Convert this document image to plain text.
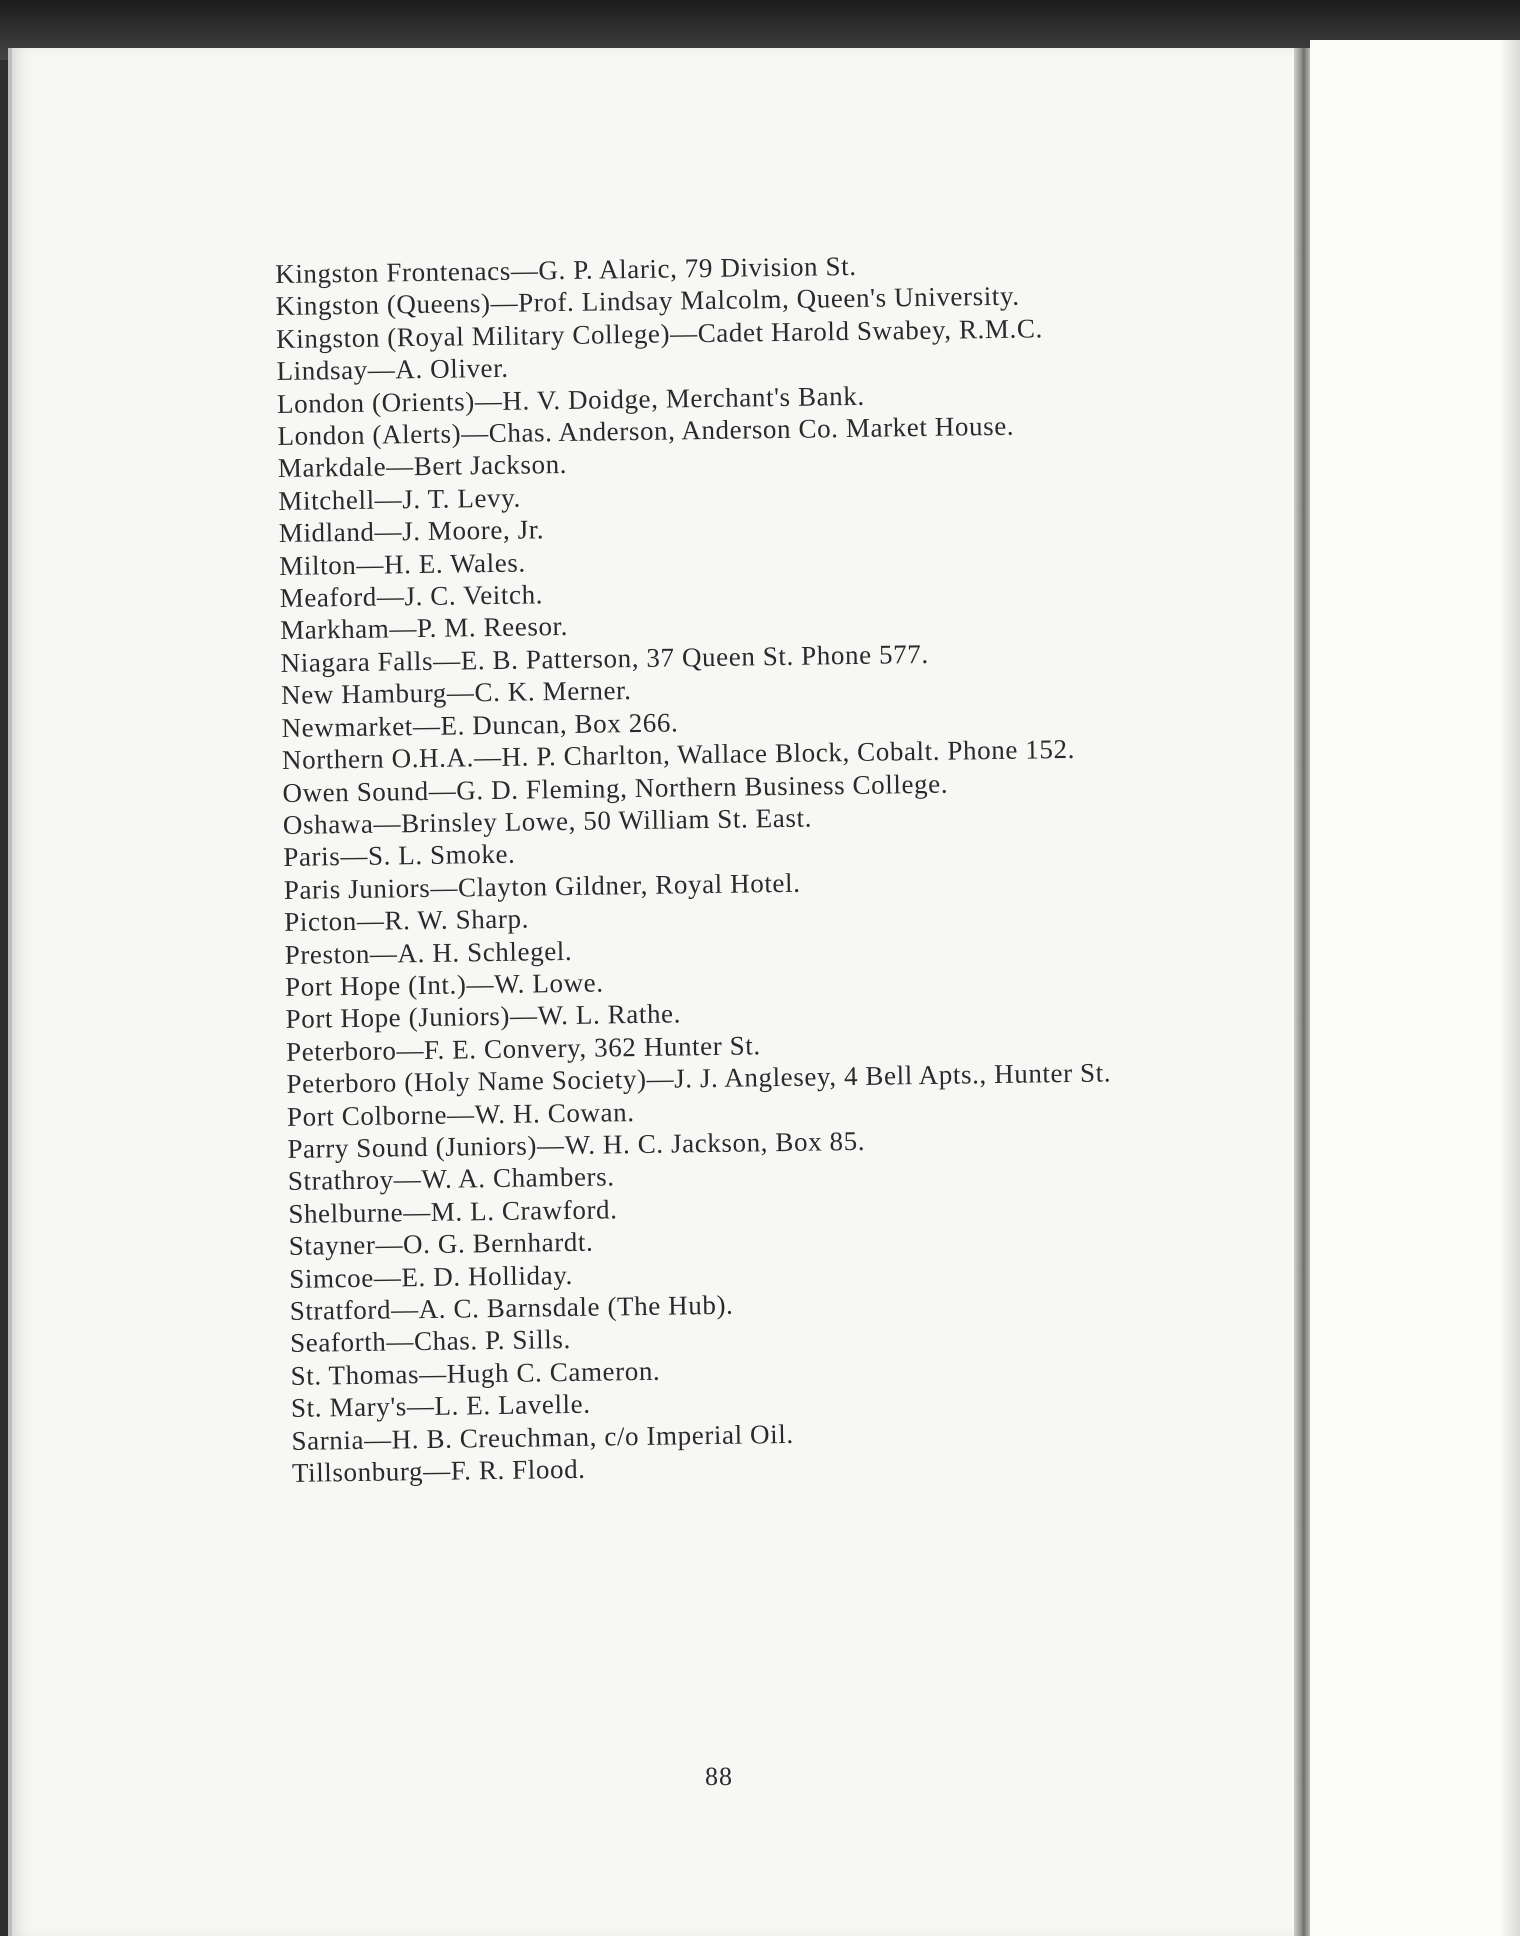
Kingston Frontenacs—G. P. Alaric, 79 Division St.
Kingston (Queens)—Prof. Lindsay Malcolm, Queen's University.
Kingston (Royal Military College)—Cadet Harold Swabey, R.M.C.
Lindsay—A. Oliver.
London (Orients)—H. V. Doidge, Merchant's Bank.
London (Alerts)—Chas. Anderson, Anderson Co. Market House.
Markdale—Bert Jackson.
Mitchell—J. T. Levy.
Midland—J. Moore, Jr.
Milton—H. E. Wales.
Meaford—J. C. Veitch.
Markham—P. M. Reesor.
Niagara Falls—E. B. Patterson, 37 Queen St. Phone 577.
New Hamburg—C. K. Merner.
Newmarket—E. Duncan, Box 266.
Northern O.H.A.—H. P. Charlton, Wallace Block, Cobalt. Phone 152.
Owen Sound—G. D. Fleming, Northern Business College.
Oshawa—Brinsley Lowe, 50 William St. East.
Paris—S. L. Smoke.
Paris Juniors—Clayton Gildner, Royal Hotel.
Picton—R. W. Sharp.
Preston—A. H. Schlegel.
Port Hope (Int.)—W. Lowe.
Port Hope (Juniors)—W. L. Rathe.
Peterboro—F. E. Convery, 362 Hunter St.
Peterboro (Holy Name Society)—J. J. Anglesey, 4 Bell Apts., Hunter St.
Port Colborne—W. H. Cowan.
Parry Sound (Juniors)—W. H. C. Jackson, Box 85.
Strathroy—W. A. Chambers.
Shelburne—M. L. Crawford.
Stayner—O. G. Bernhardt.
Simcoe—E. D. Holliday.
Stratford—A. C. Barnsdale (The Hub).
Seaforth—Chas. P. Sills.
St. Thomas—Hugh C. Cameron.
St. Mary's—L. E. Lavelle.
Sarnia—H. B. Creuchman, c/o Imperial Oil.
Tillsonburg—F. R. Flood.
88
